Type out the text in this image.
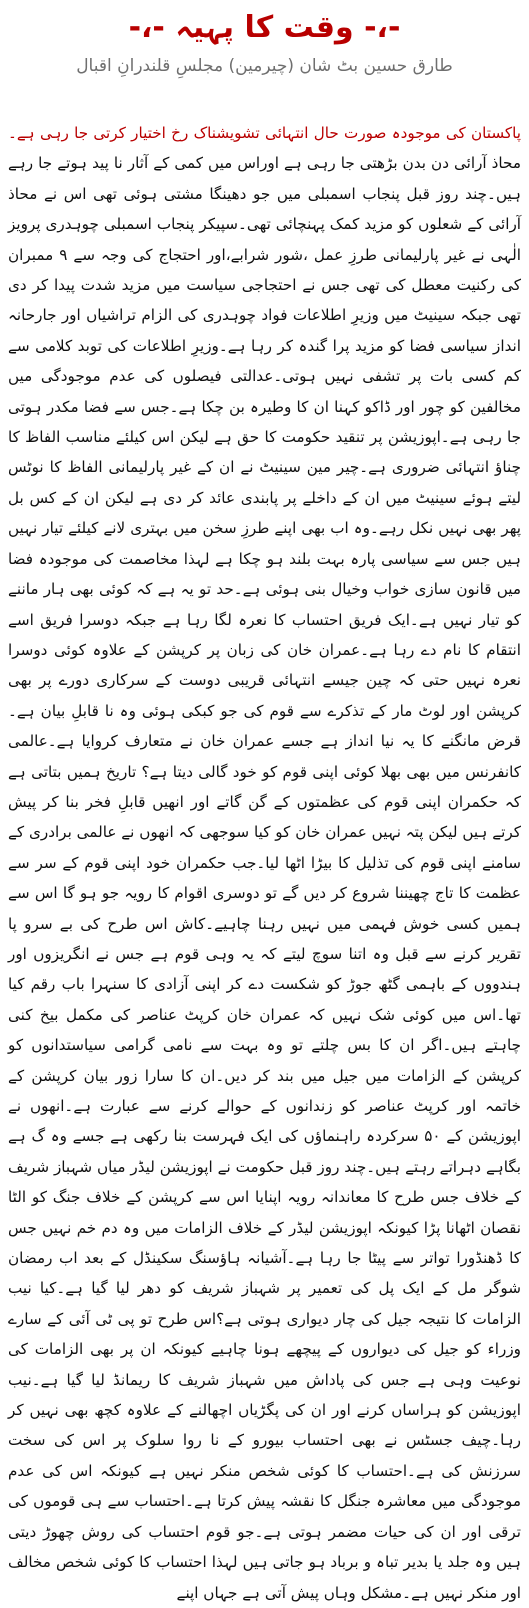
-،- وقت کا پہیہ -،-
طارق حسین بٹ شان (چیرمین) مجلسِ قلندرانِ اقبال
پاکستان کی موجودہ صورت حال انتہائی تشویشناک رخ اختیار کرتی جا رہی ہے۔ محاذ آرائی دن بدن بڑھتی جا رہی ہے اوراس میں کمی کے آثار نا پید ہوتے جا رہے ہیں۔چند روز قبل پنجاب اسمبلی میں جو دھینگا مشتی ہوئی تھی اس نے محاذ آرائی کے شعلوں کو مزید کمک پہنچائی تھی۔سپیکر پنجاب اسمبلی چوہدری پرویز الٰہی نے غیر پارلیمانی طرزِ عمل ،شور شرابے،اور احتجاج کی وجہ سے ۹ ممبران کی رکنیت معطل کی تھی جس نے احتجاجی سیاست میں مزید شدت پیدا کر دی تھی جبکہ سینیٹ میں وزیرِ اطلاعات فواد چوہدری کی الزام تراشیاں اور جارحانہ انداز سیاسی فضا کو مزید پرا گندہ کر رہا ہے۔وزیرِ اطلاعات کی توبد کلامی سے کم کسی بات پر تشفی نہیں ہوتی۔عدالتی فیصلوں کی عدم موجودگی میں مخالفین کو چور اور ڈاکو کہنا ان کا وطیرہ بن چکا ہے۔جس سے فضا مکدر ہوتی جا رہی ہے۔اپوزیشن پر تنقید حکومت کا حق ہے لیکن اس کیلئے مناسب الفاظ کا چناؤ انتہائی ضروری ہے۔چیر مین سینیٹ نے ان کے غیر پارلیمانی الفاظ کا نوٹس لیتے ہوئے سینیٹ میں ان کے داخلے پر پابندی عائد کر دی ہے لیکن ان کے کس بل پھر بھی نہیں نکل رہے۔وہ اب بھی اپنے طرزِ سخن میں بہتری لانے کیلئے تیار نہیں ہیں جس سے سیاسی پارہ بہت بلند ہو چکا ہے لہذا مخاصمت کی موجودہ فضا میں قانون سازی خواب وخیال بنی ہوئی ہے۔حد تو یہ ہے کہ کوئی بھی ہار ماننے کو تیار نہیں ہے۔ایک فریق احتساب کا نعرہ لگا رہا ہے جبکہ دوسرا فریق اسے انتقام کا نام دے رہا ہے۔عمران خان کی زبان پر کرپشن کے علاوہ کوئی دوسرا نعرہ نہیں حتی کہ چین جیسے انتہائی قریبی دوست کے سرکاری دورے پر بھی کرپشن اور لوٹ مار کے تذکرے سے قوم کی جو کبکی ہوئی وہ نا قابلِ بیان ہے۔قرض مانگنے کا یہ نیا انداز ہے جسے عمران خان نے متعارف کروایا ہے۔عالمی کانفرنس میں بھی بھلا کوئی اپنی قوم کو خود گالی دیتا ہے؟ تاریخ ہمیں بتاتی ہے کہ حکمران اپنی قوم کی عظمتوں کے گن گاتے اور انھیں قابلِ فخر بنا کر پیش کرتے ہیں لیکن پتہ نہیں عمران خان کو کیا سوجھی کہ انھوں نے عالمی برادری کے سامنے اپنی قوم کی تذلیل کا بیڑا اٹھا لیا۔جب حکمران خود اپنی قوم کے سر سے عظمت کا تاج چھیننا شروع کر دیں گے تو دوسری اقوام کا رویہ جو ہو گا اس سے ہمیں کسی خوش فہمی میں نہیں رہنا چاہیے۔کاش اس طرح کی بے سرو پا تقریر کرنے سے قبل وہ اتنا سوچ لیتے کہ یہ وہی قوم ہے جس نے انگریزوں اور ہندووں کے باہمی گٹھ جوڑ کو شکست دے کر اپنی آزادی کا سنہرا باب رقم کیا تھا۔اس میں کوئی شک نہیں کہ عمران خان کرپٹ عناصر کی مکمل بیخ کنی چاہتے ہیں۔اگر ان کا بس چلتے تو وہ بہت سے نامی گرامی سیاستدانوں کو کرپشن کے الزامات میں جیل میں بند کر دیں۔ان کا سارا زور بیان کرپشن کے خاتمہ اور کرپٹ عناصر کو زندانوں کے حوالے کرنے سے عبارت ہے۔انھوں نے اپوزیشن کے ۵۰ سرکردہ راہنماؤں کی ایک فہرست بنا رکھی ہے جسے وہ گ ہے بگاہے دہراتے رہتے ہیں۔چند روز قبل حکومت نے اپوزیشن لیڈر میاں شہباز شریف کے خلاف جس طرح کا معاندانہ رویہ اپنایا اس سے کرپشن کے خلاف جنگ کو الٹا نقصان اٹھانا پڑا کیونکہ اپوزیشن لیڈر کے خلاف الزامات میں وہ دم خم نہیں جس کا ڈھنڈورا تواتر سے پیٹا جا رہا ہے۔آشیانہ ہاؤسنگ سکینڈل کے بعد اب رمضان شوگر مل کے ایک پل کی تعمیر پر شہباز شریف کو دھر لیا گیا ہے۔کیا نیب الزامات کا نتیجہ جیل کی چار دیواری ہوتی ہے؟اس طرح تو پی ٹی آئی کے سارے وزراء کو جیل کی دیواروں کے پیچھے ہونا چاہیے کیونکہ ان پر بھی الزامات کی نوعیت وہی ہے جس کی پاداش میں شہباز شریف کا ریمانڈ لیا گیا ہے۔نیب اپوزیشن کو ہراساں کرنے اور ان کی پگڑیاں اچھالنے کے علاوہ کچھ بھی نہیں کر رہا۔چیف جسٹس نے بھی احتساب بیورو کے نا روا سلوک پر اس کی سخت سرزنش کی ہے۔احتساب کا کوئی شخص منکر نہیں ہے کیونکہ اس کی عدم موجودگی میں معاشرہ جنگل کا نقشہ پیش کرتا ہے۔احتساب سے ہی قوموں کی ترقی اور ان کی حیات مضمر ہوتی ہے۔جو قوم احتساب کی روش چھوڑ دیتی ہیں وہ جلد یا بدیر تباہ و برباد ہو جاتی ہیں لہذا احتساب کا کوئی شخص مخالف اور منکر نہیں ہے۔مشکل وہاں پیش آتی ہے جہاں اپنے
